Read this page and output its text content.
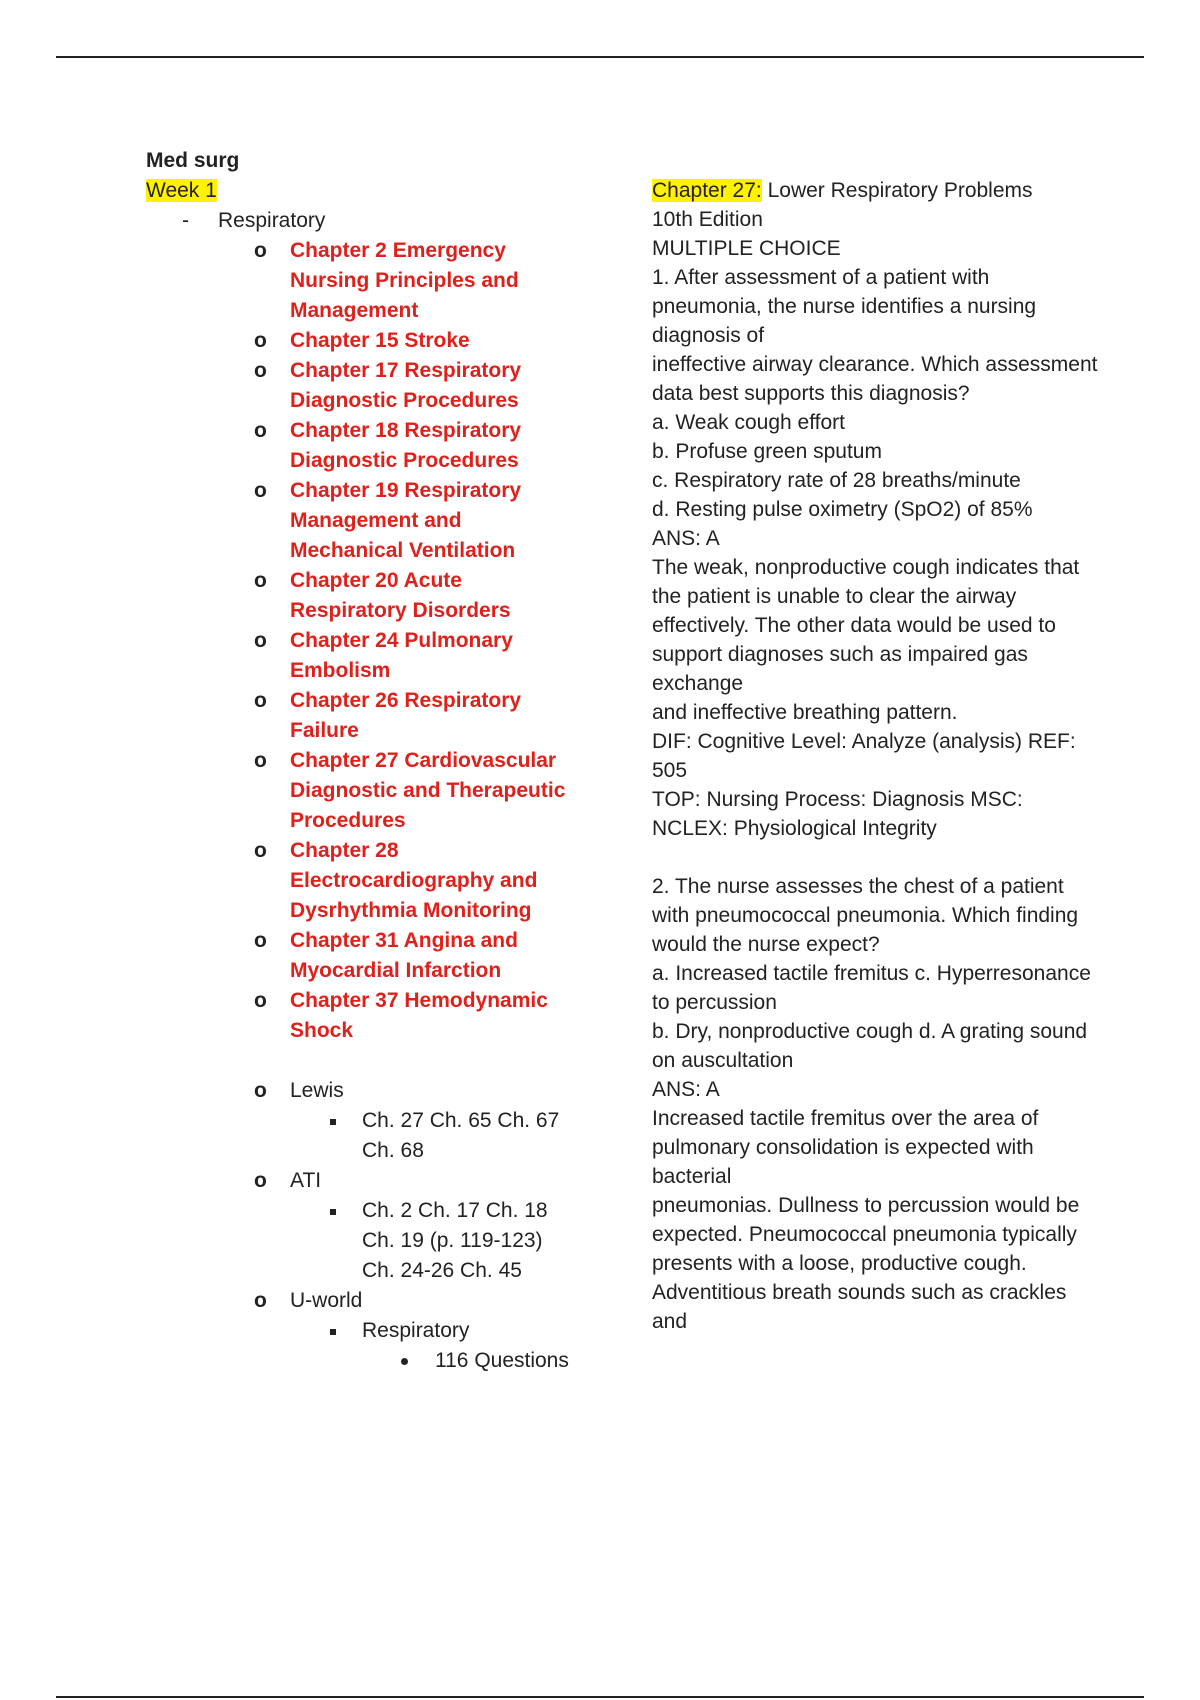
Med surg
Week 1
- Respiratory
o Chapter 2 Emergency Nursing Principles and Management
o Chapter 15 Stroke
o Chapter 17 Respiratory Diagnostic Procedures
o Chapter 18 Respiratory Diagnostic Procedures
o Chapter 19 Respiratory Management and Mechanical Ventilation
o Chapter 20 Acute Respiratory Disorders
o Chapter 24 Pulmonary Embolism
o Chapter 26 Respiratory Failure
o Chapter 27 Cardiovascular Diagnostic and Therapeutic Procedures
o Chapter 28 Electrocardiography and Dysrhythmia Monitoring
o Chapter 31 Angina and Myocardial Infarction
o Chapter 37 Hemodynamic Shock
o Lewis
Ch. 27 Ch. 65 Ch. 67 Ch. 68
o ATI
Ch. 2 Ch. 17 Ch. 18 Ch. 19 (p. 119-123) Ch. 24-26 Ch. 45
o U-world
Respiratory
116 Questions
Chapter 27: Lower Respiratory Problems
10th Edition
MULTIPLE CHOICE
1. After assessment of a patient with pneumonia, the nurse identifies a nursing diagnosis of
ineffective airway clearance. Which assessment data best supports this diagnosis?
a. Weak cough effort
b. Profuse green sputum
c. Respiratory rate of 28 breaths/minute
d. Resting pulse oximetry (SpO2) of 85%
ANS: A
The weak, nonproductive cough indicates that the patient is unable to clear the airway
effectively. The other data would be used to support diagnoses such as impaired gas exchange
and ineffective breathing pattern.
DIF: Cognitive Level: Analyze (analysis) REF: 505
TOP: Nursing Process: Diagnosis MSC: NCLEX: Physiological Integrity
2. The nurse assesses the chest of a patient with pneumococcal pneumonia. Which finding would the nurse expect?
a. Increased tactile fremitus c. Hyperresonance to percussion
b. Dry, nonproductive cough d. A grating sound on auscultation
ANS: A
Increased tactile fremitus over the area of pulmonary consolidation is expected with bacterial
pneumonias. Dullness to percussion would be expected. Pneumococcal pneumonia typically
presents with a loose, productive cough. Adventitious breath sounds such as crackles and
